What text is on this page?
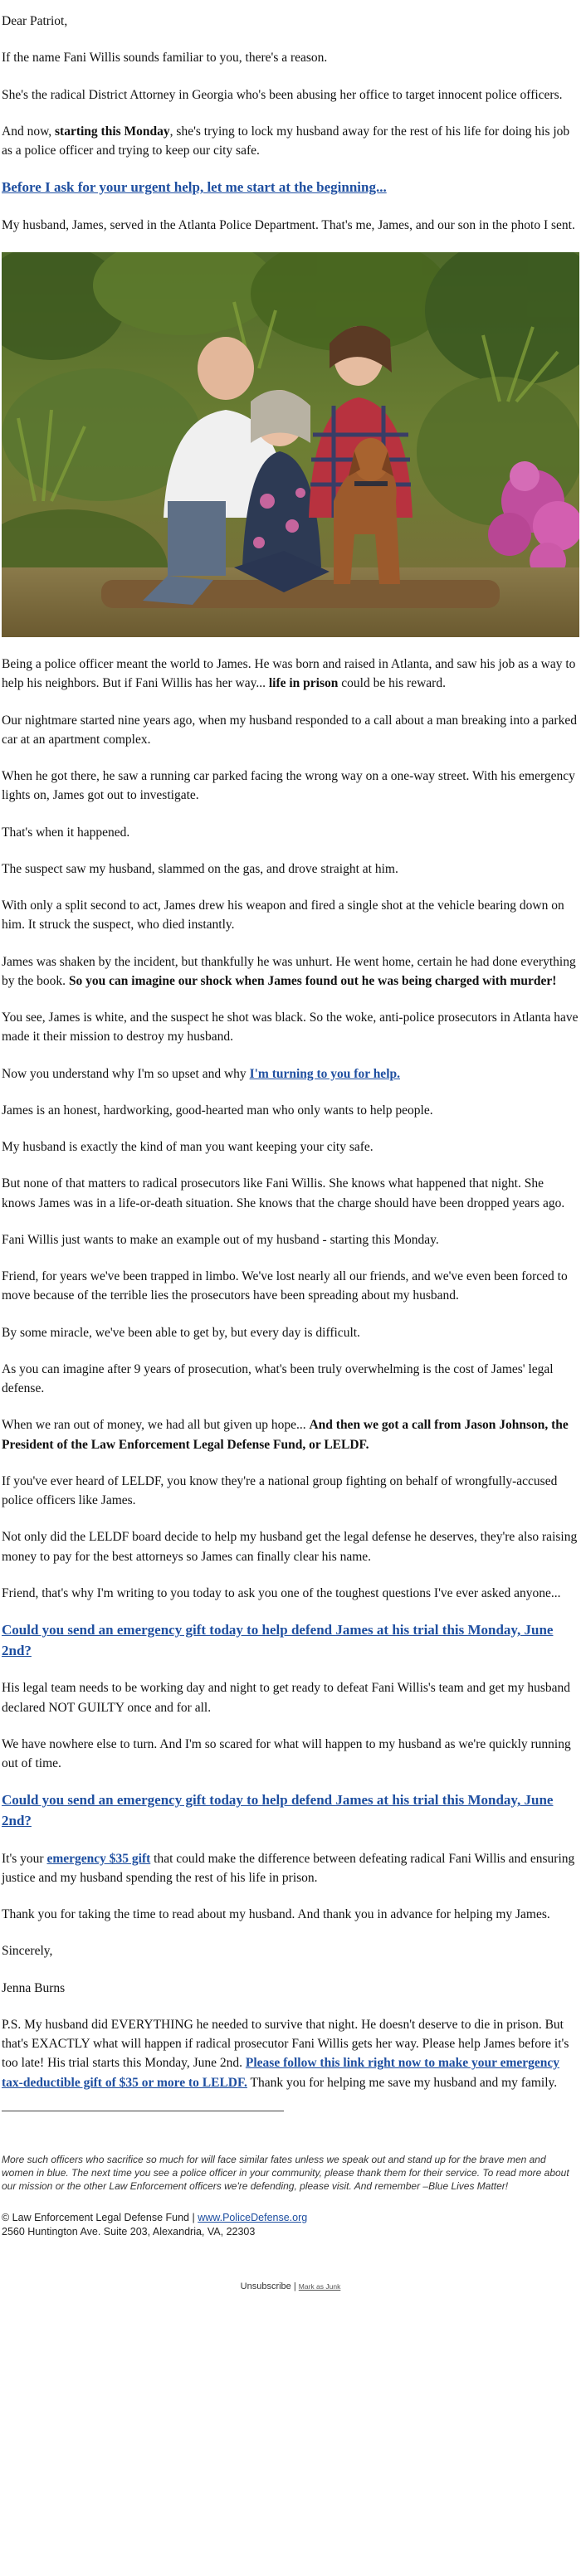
Dear Patriot,

If the name Fani Willis sounds familiar to you, there's a reason.

She's the radical District Attorney in Georgia who's been abusing her office to target innocent police officers.

And now, starting this Monday, she's trying to lock my husband away for the rest of his life for doing his job as a police officer and trying to keep our city safe.

Before I ask for your urgent help, let me start at the beginning...

My husband, James, served in the Atlanta Police Department. That's me, James, and our son in the photo I sent.

Being a police officer meant the world to James. He was born and raised in Atlanta, and saw his job as a way to help his neighbors. But if Fani Willis has her way... life in prison could be his reward.

Our nightmare started nine years ago, when my husband responded to a call about a man breaking into a parked car at an apartment complex.

When he got there, he saw a running car parked facing the wrong way on a one-way street. With his emergency lights on, James got out to investigate.

That's when it happened.

The suspect saw my husband, slammed on the gas, and drove straight at him.

With only a split second to act, James drew his weapon and fired a single shot at the vehicle bearing down on him. It struck the suspect, who died instantly.

James was shaken by the incident, but thankfully he was unhurt. He went home, certain he had done everything by the book. So you can imagine our shock when James found out he was being charged with murder!

You see, James is white, and the suspect he shot was black. So the woke, anti-police prosecutors in Atlanta have made it their mission to destroy my husband.

Now you understand why I'm so upset and why I'm turning to you for help.

James is an honest, hardworking, good-hearted man who only wants to help people.

My husband is exactly the kind of man you want keeping your city safe.

But none of that matters to radical prosecutors like Fani Willis. She knows what happened that night. She knows James was in a life-or-death situation. She knows that the charge should have been dropped years ago.

Fani Willis just wants to make an example out of my husband - starting this Monday.

Friend, for years we've been trapped in limbo. We've lost nearly all our friends, and we've even been forced to move because of the terrible lies the prosecutors have been spreading about my husband.

By some miracle, we've been able to get by, but every day is difficult.

As you can imagine after 9 years of prosecution, what's been truly overwhelming is the cost of James' legal defense.

When we ran out of money, we had all but given up hope... And then we got a call from Jason Johnson, the President of the Law Enforcement Legal Defense Fund, or LELDF.

If you've ever heard of LELDF, you know they're a national group fighting on behalf of wrongfully-accused police officers like James.

Not only did the LELDF board decide to help my husband get the legal defense he deserves, they're also raising money to pay for the best attorneys so James can finally clear his name.

Friend, that's why I'm writing to you today to ask you one of the toughest questions I've ever asked anyone...

Could you send an emergency gift today to help defend James at his trial this Monday, June 2nd?

His legal team needs to be working day and night to get ready to defeat Fani Willis's team and get my husband declared NOT GUILTY once and for all.

We have nowhere else to turn. And I'm so scared for what will happen to my husband as we're quickly running out of time.

Could you send an emergency gift today to help defend James at his trial this Monday, June 2nd?

It's your emergency $35 gift that could make the difference between defeating radical Fani Willis and ensuring justice and my husband spending the rest of his life in prison.

Thank you for taking the time to read about my husband. And thank you in advance for helping my James.

Sincerely,

Jenna Burns

P.S. My husband did EVERYTHING he needed to survive that night. He doesn't deserve to die in prison. But that's EXACTLY what will happen if radical prosecutor Fani Willis gets her way. Please help James before it's too late! His trial starts this Monday, June 2nd. Please follow this link right now to make your emergency tax-deductible gift of $35 or more to LELDF. Thank you for helping me save my husband and my family.

More such officers who sacrifice so much for will face similar fates unless we speak out and stand up for the brave men and women in blue. The next time you see a police officer in your community, please thank them for their service. To read more about our mission or the other Law Enforcement officers we're defending, please visit. And remember –Blue Lives Matter!

© Law Enforcement Legal Defense Fund | www.PoliceDefense.org
2560 Huntington Ave. Suite 203, Alexandria, VA, 22303
Unsubscribe | Mark as Junk
